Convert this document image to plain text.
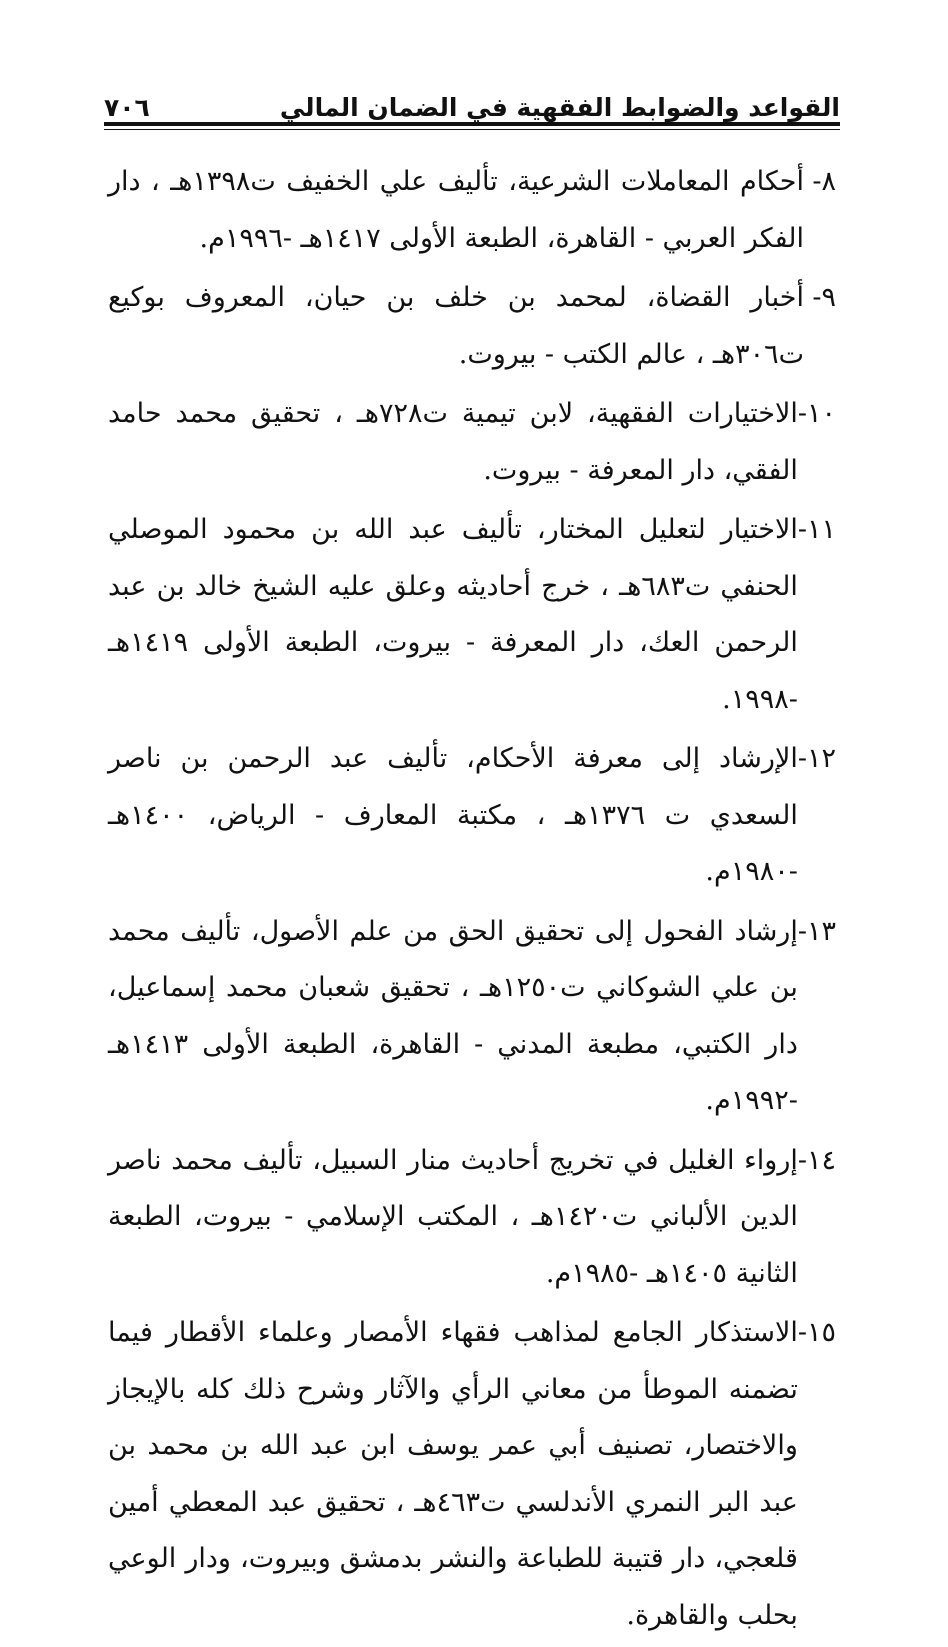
القواعد والضوابط الفقهية في الضمان المالي
٧٠٦
٨-
أحكام المعاملات الشرعية، تأليف علي الخفيف ت١٣٩٨هـ ، دار الفكر العربي - القاهرة، الطبعة الأولى ١٤١٧هـ -١٩٩٦م.
٩-
أخبار القضاة، لمحمد بن خلف بن حيان، المعروف بوكيع ت٣٠٦هـ ، عالم الكتب - بيروت.
١٠-
الاختيارات الفقهية، لابن تيمية ت٧٢٨هـ ، تحقيق محمد حامد الفقي، دار المعرفة - بيروت.
١١-
الاختيار لتعليل المختار، تأليف عبد الله بن محمود الموصلي الحنفي ت٦٨٣هـ ، خرج أحاديثه وعلق عليه الشيخ خالد بن عبد الرحمن العك، دار المعرفة - بيروت، الطبعة الأولى ١٤١٩هـ -١٩٩٨.
١٢-
الإرشاد إلى معرفة الأحكام، تأليف عبد الرحمن بن ناصر السعدي ت ١٣٧٦هـ ، مكتبة المعارف - الرياض، ١٤٠٠هـ -١٩٨٠م.
١٣-
إرشاد الفحول إلى تحقيق الحق من علم الأصول، تأليف محمد بن علي الشوكاني ت١٢٥٠هـ ، تحقيق شعبان محمد إسماعيل، دار الكتبي، مطبعة المدني - القاهرة، الطبعة الأولى ١٤١٣هـ -١٩٩٢م.
١٤-
إرواء الغليل في تخريج أحاديث منار السبيل، تأليف محمد ناصر الدين الألباني ت١٤٢٠هـ ، المكتب الإسلامي - بيروت، الطبعة الثانية ١٤٠٥هـ -١٩٨٥م.
١٥-
الاستذكار الجامع لمذاهب فقهاء الأمصار وعلماء الأقطار فيما تضمنه الموطأ من معاني الرأي والآثار وشرح ذلك كله بالإيجاز والاختصار، تصنيف أبي عمر يوسف ابن عبد الله بن محمد بن عبد البر النمري الأندلسي ت٤٦٣هـ ، تحقيق عبد المعطي أمين قلعجي، دار قتيبة للطباعة والنشر بدمشق وبيروت، ودار الوعي بحلب والقاهرة.
